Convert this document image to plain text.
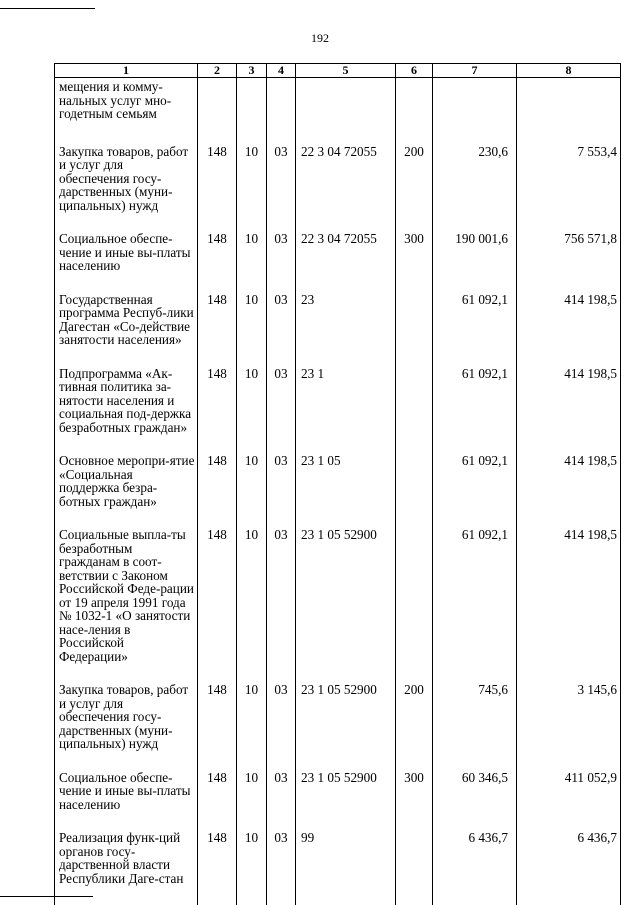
192
1	2	3	4	5	6	7	8
мещения и комму-нальных услуг мно-годетным семьям							
Закупка товаров, работ и услуг для обеспечения госу-дарственных (муни-ципальных) нужд	148	10	03	22 3 04 72055	200	230,6	7 553,4
Социальное обеспе-чение и иные вы-платы населению	148	10	03	22 3 04 72055	300	190 001,6	756 571,8
Государственная программа Респуб-лики Дагестан «Со-действие занятости населения»	148	10	03	23		61 092,1	414 198,5
Подпрограмма «Ак-тивная политика за-нятости населения и социальная под-держка безработных граждан»	148	10	03	23 1		61 092,1	414 198,5
Основное меропри-ятие «Социальная поддержка безра-ботных граждан»	148	10	03	23 1 05		61 092,1	414 198,5
Социальные выпла-ты безработным гражданам в соот-ветствии с Законом Российской Феде-рации от 19 апреля 1991 года № 1032-1 «О занятости насе-ления в Российской Федерации»	148	10	03	23 1 05 52900		61 092,1	414 198,5
Закупка товаров, работ и услуг для обеспечения госу-дарственных (муни-ципальных) нужд	148	10	03	23 1 05 52900	200	745,6	3 145,6
Социальное обеспе-чение и иные вы-платы населению	148	10	03	23 1 05 52900	300	60 346,5	411 052,9
Реализация функ-ций органов госу-дарственной власти Республики Даге-стан	148	10	03	99		6 436,7	6 436,7
